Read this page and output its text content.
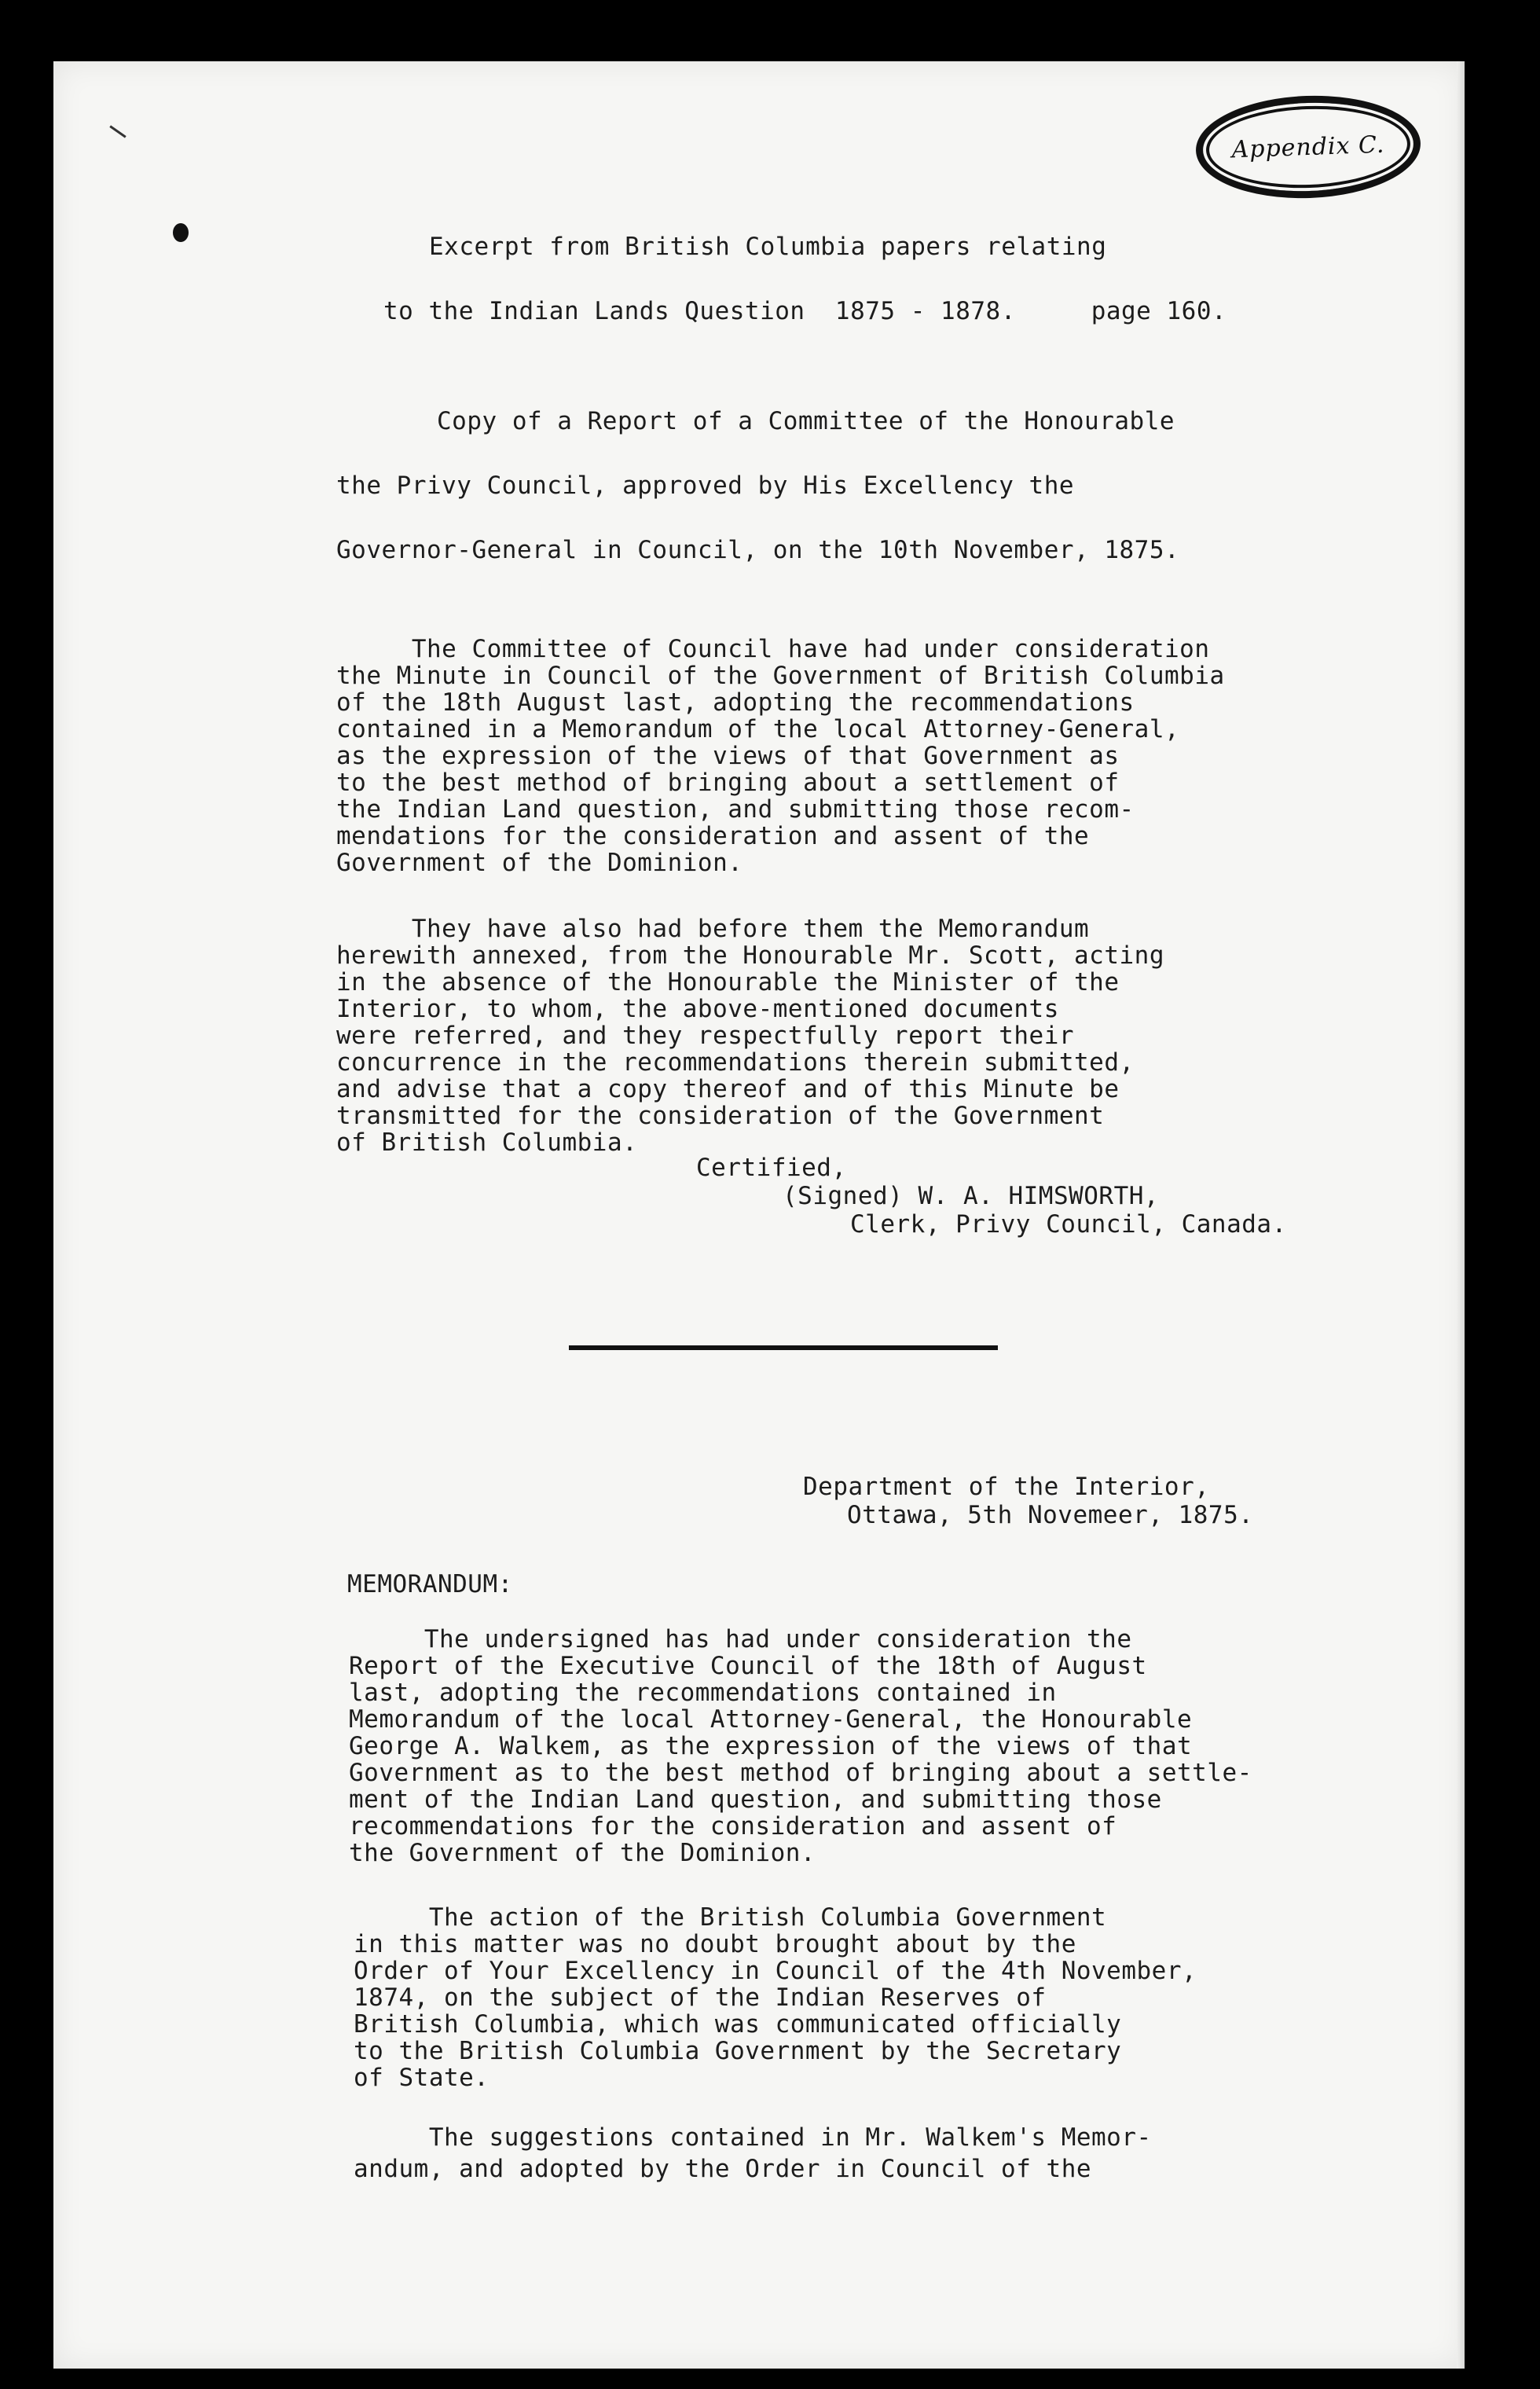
Appendix C.

Excerpt from British Columbia papers relating

to the Indian Lands Question  1875 - 1878.     page 160.

Copy of a Report of a Committee of the Honourable

the Privy Council, approved by His Excellency the

Governor-General in Council, on the 10th November, 1875.

The Committee of Council have had under consideration

the Minute in Council of the Government of British Columbia

of the 18th August last, adopting the recommendations

contained in a Memorandum of the local Attorney-General,

as the expression of the views of that Government as

to the best method of bringing about a settlement of

the Indian Land question, and submitting those recom-

mendations for the consideration and assent of the

Government of the Dominion.

They have also had before them the Memorandum

herewith annexed, from the Honourable Mr. Scott, acting

in the absence of the Honourable the Minister of the

Interior, to whom, the above-mentioned documents

were referred, and they respectfully report their

concurrence in the recommendations therein submitted,

and advise that a copy thereof and of this Minute be

transmitted for the consideration of the Government

of British Columbia.

Certified,

(Signed) W. A. HIMSWORTH,

Clerk, Privy Council, Canada.

Department of the Interior,

Ottawa, 5th Novemeer, 1875.

MEMORANDUM:

The undersigned has had under consideration the

Report of the Executive Council of the 18th of August

last, adopting the recommendations contained in

Memorandum of the local Attorney-General, the Honourable

George A. Walkem, as the expression of the views of that

Government as to the best method of bringing about a settle-

ment of the Indian Land question, and submitting those

recommendations for the consideration and assent of

the Government of the Dominion.

The action of the British Columbia Government

in this matter was no doubt brought about by the

Order of Your Excellency in Council of the 4th November,

1874, on the subject of the Indian Reserves of

British Columbia, which was communicated officially

to the British Columbia Government by the Secretary

of State.

The suggestions contained in Mr. Walkem's Memor-

andum, and adopted by the Order in Council of the
